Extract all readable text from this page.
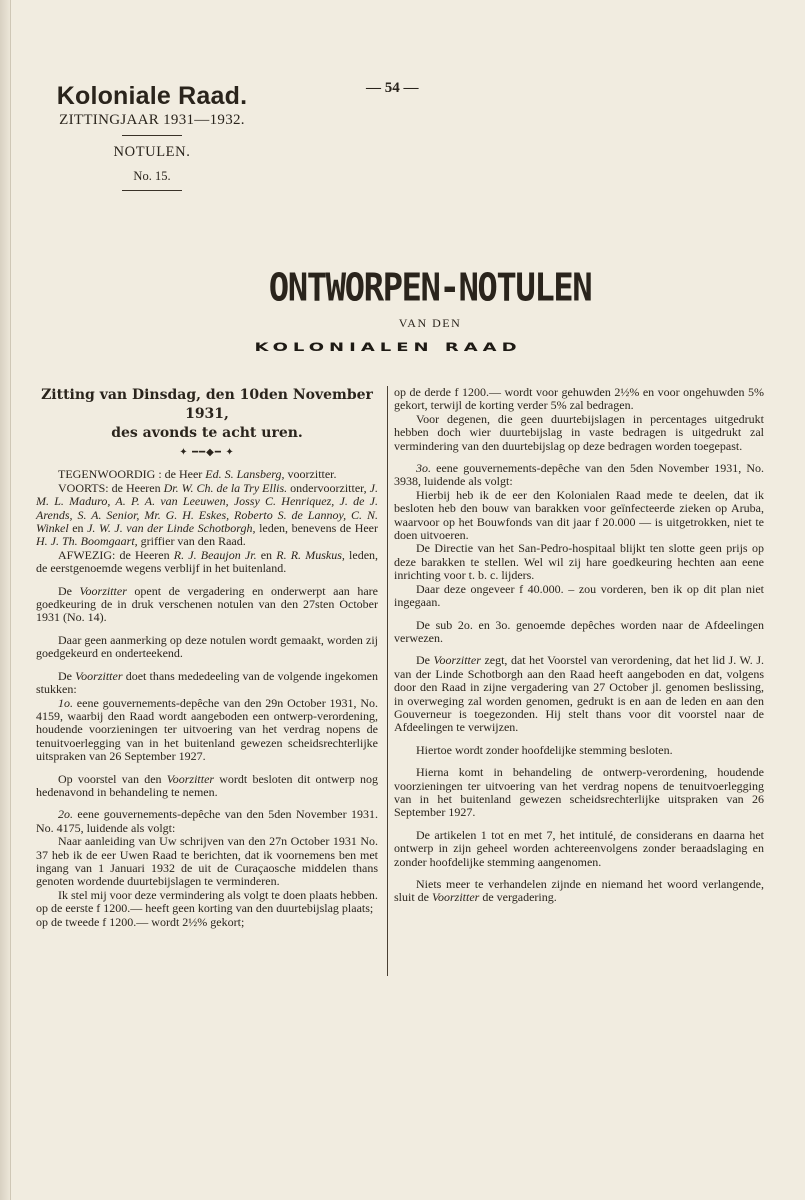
Koloniale Raad.
ZITTINGJAAR 1931—1932.
NOTULEN.
No. 15.
— 54 —
ONTWORPEN-NOTULEN
VAN DEN
KOLONIALEN RAAD
Zitting van Dinsdag, den 10den November 1931,
des avonds te acht uren.
✦ ━━◆━ ✦

TEGENWOORDIG : de Heer Ed. S. Lansberg, voorzitter.

VOORTS: de Heeren Dr. W. Ch. de la Try Ellis. ondervoorzitter, J. M. L. Maduro, A. P. A. van Leeuwen, Jossy C. Henriquez, J. de J. Arends, S. A. Senior, Mr. G. H. Eskes, Roberto S. de Lannoy, C. N. Winkel en J. W. J. van der Linde Schotborgh, leden, benevens de Heer H. J. Th. Boomgaart, griffier van den Raad.

AFWEZIG: de Heeren R. J. Beaujon Jr. en R. R. Muskus, leden, de eerstgenoemde wegens verblijf in het buitenland.

De Voorzitter opent de vergadering en onderwerpt aan hare goedkeuring de in druk verschenen notulen van den 27sten October 1931 (No. 14).

Daar geen aanmerking op deze notulen wordt gemaakt, worden zij goedgekeurd en onderteekend.

De Voorzitter doet thans mededeeling van de volgende ingekomen stukken:

1o. eene gouvernements-depêche van den 29n October 1931, No. 4159, waarbij den Raad wordt aangeboden een ontwerp-verordening, houdende voorzieningen ter uitvoering van het verdrag nopens de tenuitvoerlegging van in het buitenland gewezen scheidsrechterlijke uitspraken van 26 September 1927.

Op voorstel van den Voorzitter wordt besloten dit ontwerp nog hedenavond in behandeling te nemen.

2o. eene gouvernements-depêche van den 5den November 1931. No. 4175, luidende als volgt:

Naar aanleiding van Uw schrijven van den 27n October 1931 No. 37 heb ik de eer Uwen Raad te berichten, dat ik voornemens ben met ingang van 1 Januari 1932 de uit de Curaçaosche middelen thans genoten wordende duurtebijslagen te verminderen.

Ik stel mij voor deze vermindering als volgt te doen plaats hebben.

op de eerste f 1200.— heeft geen korting van den duurtebijslag plaats;

op de tweede f 1200.— wordt 2½% gekort;

op de derde f 1200.— wordt voor gehuwden 2½% en voor ongehuwden 5% gekort, terwijl de korting verder 5% zal bedragen.

Voor degenen, die geen duurtebijslagen in percentages uitgedrukt hebben doch wier duurtebijslag in vaste bedragen is uitgedrukt zal vermindering van den duurtebijslag op deze bedragen worden toegepast.

3o. eene gouvernements-depêche van den 5den November 1931, No. 3938, luidende als volgt:

Hierbij heb ik de eer den Kolonialen Raad mede te deelen, dat ik besloten heb den bouw van barakken voor geïnfecteerde zieken op Aruba, waarvoor op het Bouwfonds van dit jaar f 20.000 — is uitgetrokken, niet te doen uitvoeren.

De Directie van het San-Pedro-hospitaal blijkt ten slotte geen prijs op deze barakken te stellen. Wel wil zij hare goedkeuring hechten aan eene inrichting voor t. b. c. lijders.

Daar deze ongeveer f 40.000. – zou vorderen, ben ik op dit plan niet ingegaan.

De sub 2o. en 3o. genoemde depêches worden naar de Afdeelingen verwezen.

De Voorzitter zegt, dat het Voorstel van verordening, dat het lid J. W. J. van der Linde Schotborgh aan den Raad heeft aangeboden en dat, volgens door den Raad in zijne vergadering van 27 October jl. genomen beslissing, in overweging zal worden genomen, gedrukt is en aan de leden en aan den Gouverneur is toegezonden. Hij stelt thans voor dit voorstel naar de Afdeelingen te verwijzen.

Hiertoe wordt zonder hoofdelijke stemming besloten.

Hierna komt in behandeling de ontwerp-verordening, houdende voorzieningen ter uitvoering van het verdrag nopens de tenuitvoerlegging van in het buitenland gewezen scheidsrechterlijke uitspraken van 26 September 1927.

De artikelen 1 tot en met 7, het intitulé, de considerans en daarna het ontwerp in zijn geheel worden achtereenvolgens zonder beraadslaging en zonder hoofdelijke stemming aangenomen.

Niets meer te verhandelen zijnde en niemand het woord verlangende, sluit de Voorzitter de vergadering.
